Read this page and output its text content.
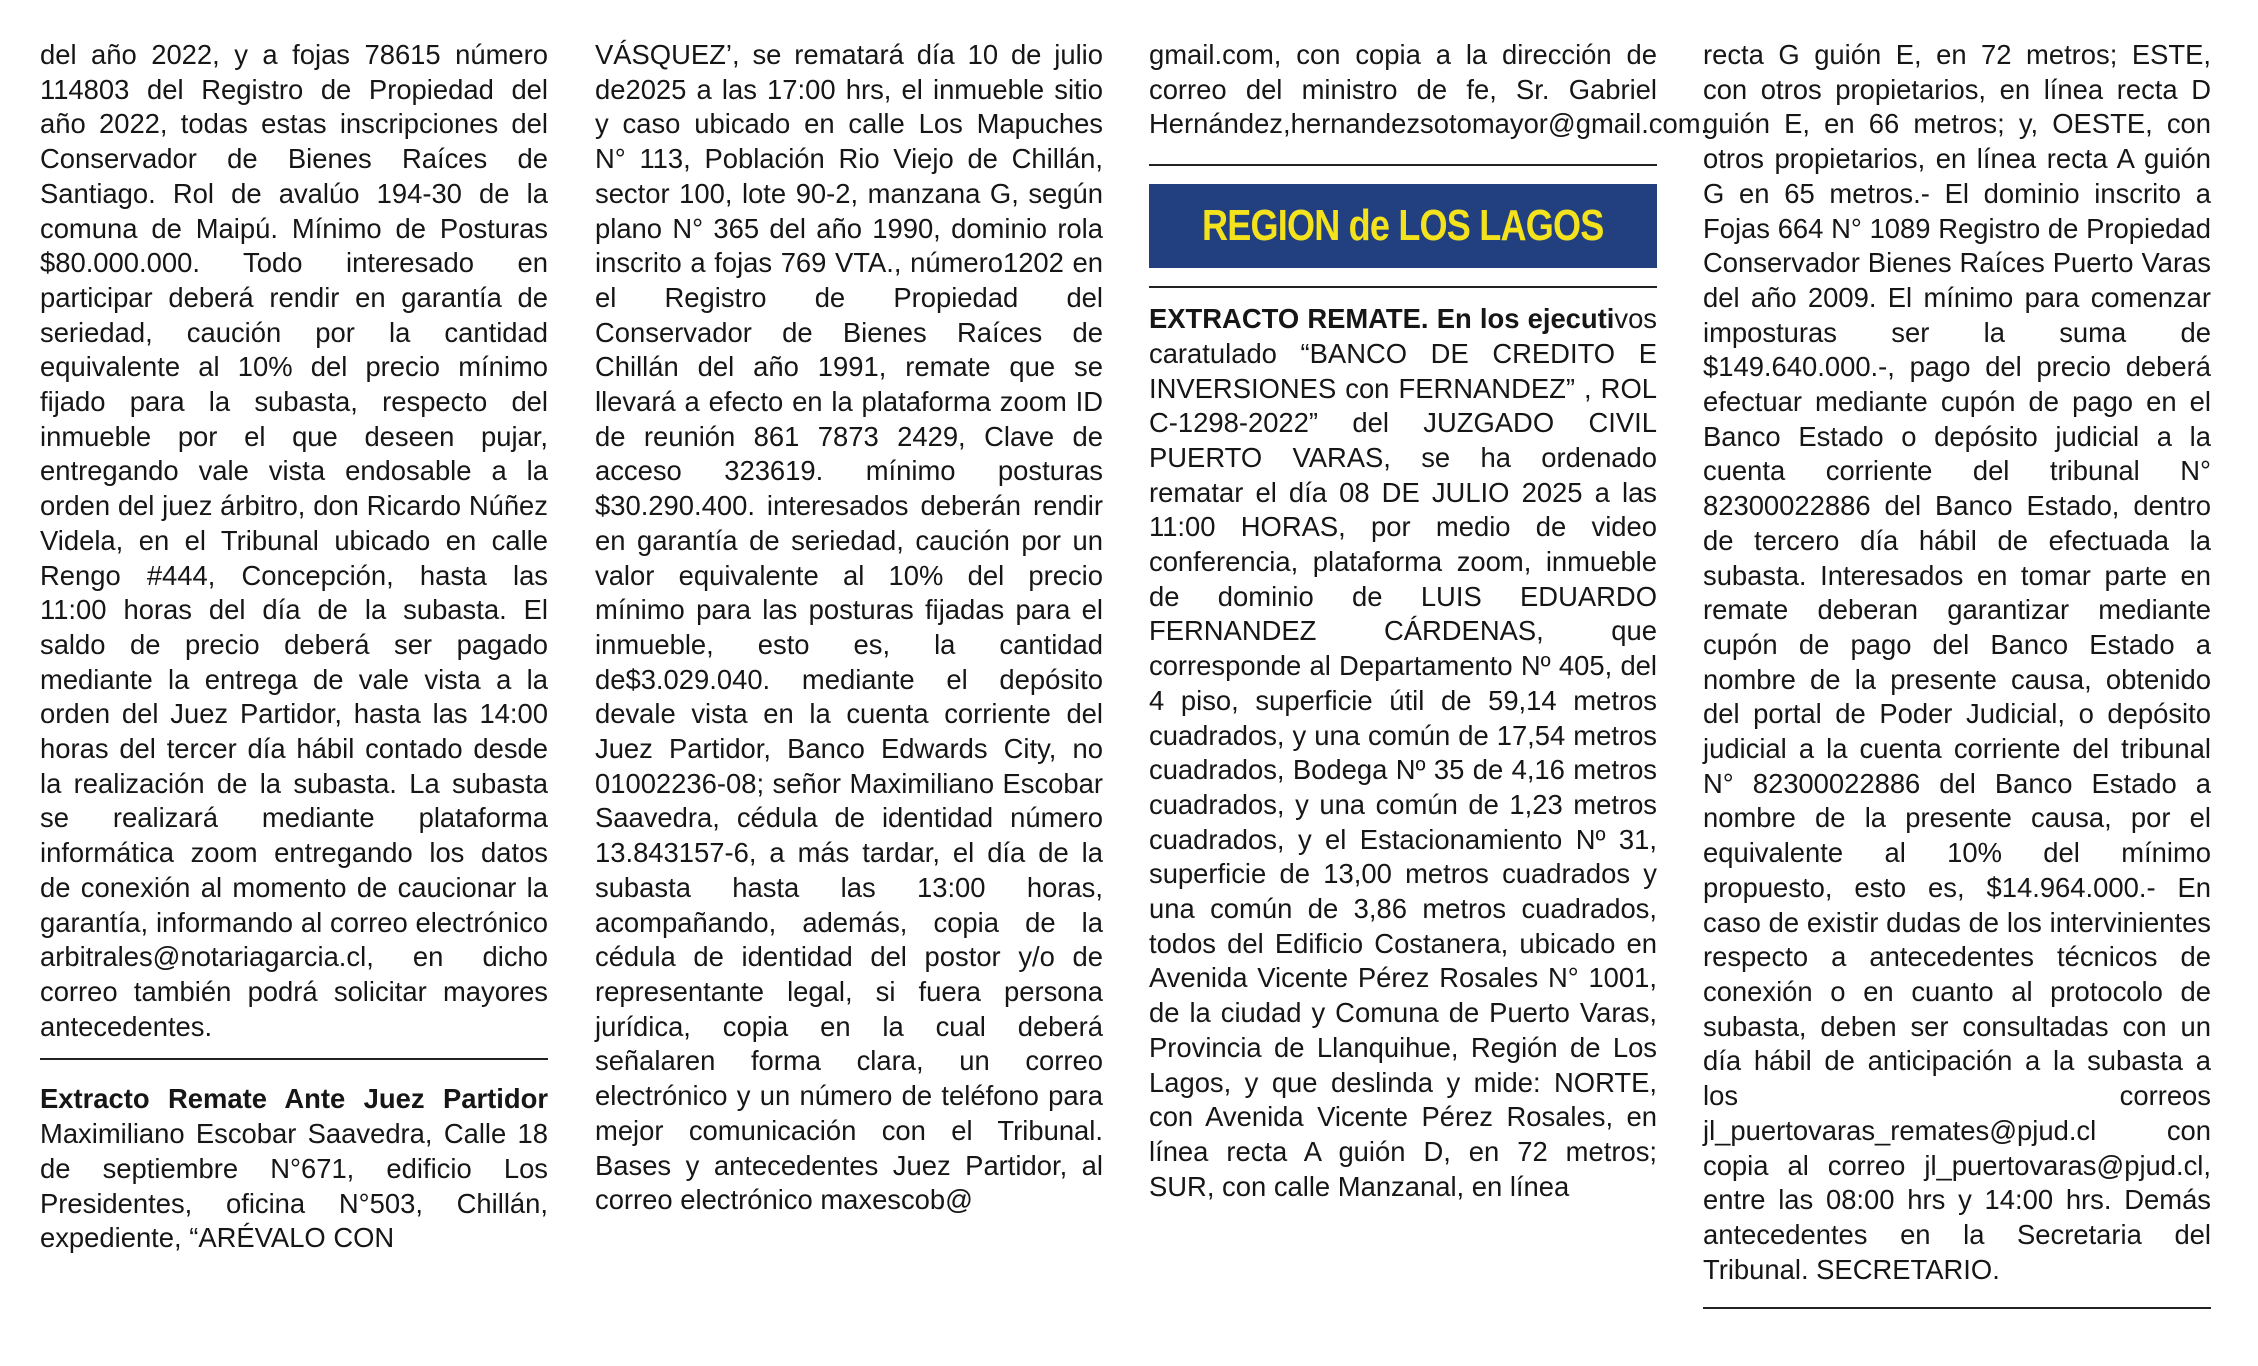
del año 2022, y a fojas 78615 número 114803 del Registro de Propiedad del año 2022, todas estas inscripciones del Conservador de Bienes Raíces de Santiago. Rol de avalúo 194-30 de la comuna de Maipú. Mínimo de Posturas $80.000.000. Todo interesado en participar deberá rendir en garantía de seriedad, caución por la cantidad equivalente al 10% del precio mínimo fijado para la subasta, respecto del inmueble por el que deseen pujar, entregando vale vista endosable a la orden del juez árbitro, don Ricardo Núñez Videla, en el Tribunal ubicado en calle Rengo #444, Concepción, hasta las 11:00 horas del día de la subasta. El saldo de precio deberá ser pagado mediante la entrega de vale vista a la orden del Juez Partidor, hasta las 14:00 horas del tercer día hábil contado desde la realización de la subasta. La subasta se realizará mediante plataforma informática zoom entregando los datos de conexión al momento de caucionar la garantía, informando al correo electrónico arbitrales@notariagarcia.cl, en dicho correo también podrá solicitar mayores antecedentes.

Extracto Remate Ante Juez Partidor Maximiliano Escobar Saavedra, Calle 18 de septiembre N°671, edificio Los Presidentes, oficina N°503, Chillán, expediente, “ARÉVALO CON

VÁSQUEZ’, se rematará día 10 de julio de2025 a las 17:00 hrs, el inmueble sitio y caso ubicado en calle Los Mapuches N° 113, Población Rio Viejo de Chillán, sector 100, lote 90-2, manzana G, según plano N° 365 del año 1990, dominio rola inscrito a fojas 769 VTA., número1202 en el Registro de Propiedad del Conservador de Bienes Raíces de Chillán del año 1991, remate que se llevará a efecto en la plataforma zoom ID de reunión 861 7873 2429, Clave de acceso 323619. mínimo posturas $30.290.400. interesados deberán rendir en garantía de seriedad, caución por un valor equivalente al 10% del precio mínimo para las posturas fijadas para el inmueble, esto es, la cantidad de$3.029.040. mediante el depósito devale vista en la cuenta corriente del Juez Partidor, Banco Edwards City, no 01002236-08; señor Maximiliano Escobar Saavedra, cédula de identidad número 13.843157-6, a más tardar, el día de la subasta hasta las 13:00 horas, acompañando, además, copia de la cédula de identidad del postor y/o de representante legal, si fuera persona jurídica, copia en la cual deberá señalaren forma clara, un correo electrónico y un número de teléfono para mejor comunicación con el Tribunal. Bases y antecedentes Juez Partidor, al correo electrónico maxescob@

gmail.com, con copia a la dirección de correo del ministro de fe, Sr. Gabriel Hernández,hernandezsotomayor@gmail.com.

REGION de LOS LAGOS

EXTRACTO REMATE. En los ejecutivos caratulado “BANCO DE CREDITO E INVERSIONES con FERNANDEZ” , ROL C-1298-2022” del JUZGADO CIVIL PUERTO VARAS, se ha ordenado rematar el día 08 DE JULIO 2025 a las 11:00 HORAS, por medio de video conferencia, plataforma zoom, inmueble de dominio de LUIS EDUARDO FERNANDEZ CÁRDENAS, que corresponde al Departamento Nº 405, del 4 piso, superficie útil de 59,14 metros cuadrados, y una común de 17,54 metros cuadrados, Bodega Nº 35 de 4,16 metros cuadrados, y una común de 1,23 metros cuadrados, y el Estacionamiento Nº 31, superficie de 13,00 metros cuadrados y una común de 3,86 metros cuadrados, todos del Edificio Costanera, ubicado en Avenida Vicente Pérez Rosales N° 1001, de la ciudad y Comuna de Puerto Varas, Provincia de Llanquihue, Región de Los Lagos, y que deslinda y mide: NORTE, con Avenida Vicente Pérez Rosales, en línea recta A guión D, en 72 metros; SUR, con calle Manzanal, en línea

recta G guión E, en 72 metros; ESTE, con otros propietarios, en línea recta D guión E, en 66 metros; y, OESTE, con otros propietarios, en línea recta A guión G en 65 metros.- El dominio inscrito a Fojas 664 N° 1089 Registro de Propiedad Conservador Bienes Raíces Puerto Varas del año 2009. El mínimo para comenzar imposturas ser la suma de $149.640.000.-, pago del precio deberá efectuar mediante cupón de pago en el Banco Estado o depósito judicial a la cuenta corriente del tribunal N° 82300022886 del Banco Estado, dentro de tercero día hábil de efectuada la subasta. Interesados en tomar parte en remate deberan garantizar mediante cupón de pago del Banco Estado a nombre de la presente causa, obtenido del portal de Poder Judicial, o depósito judicial a la cuenta corriente del tribunal N° 82300022886 del Banco Estado a nombre de la presente causa, por el equivalente al 10% del mínimo propuesto, esto es, $14.964.000.- En caso de existir dudas de los intervinientes respecto a antecedentes técnicos de conexión o en cuanto al protocolo de subasta, deben ser consultadas con un día hábil de anticipación a la subasta a los correos jl_puertovaras_remates@pjud.cl con copia al correo jl_puertovaras@pjud.cl, entre las 08:00 hrs y 14:00 hrs. Demás antecedentes en la Secretaria del Tribunal. SECRETARIO.
